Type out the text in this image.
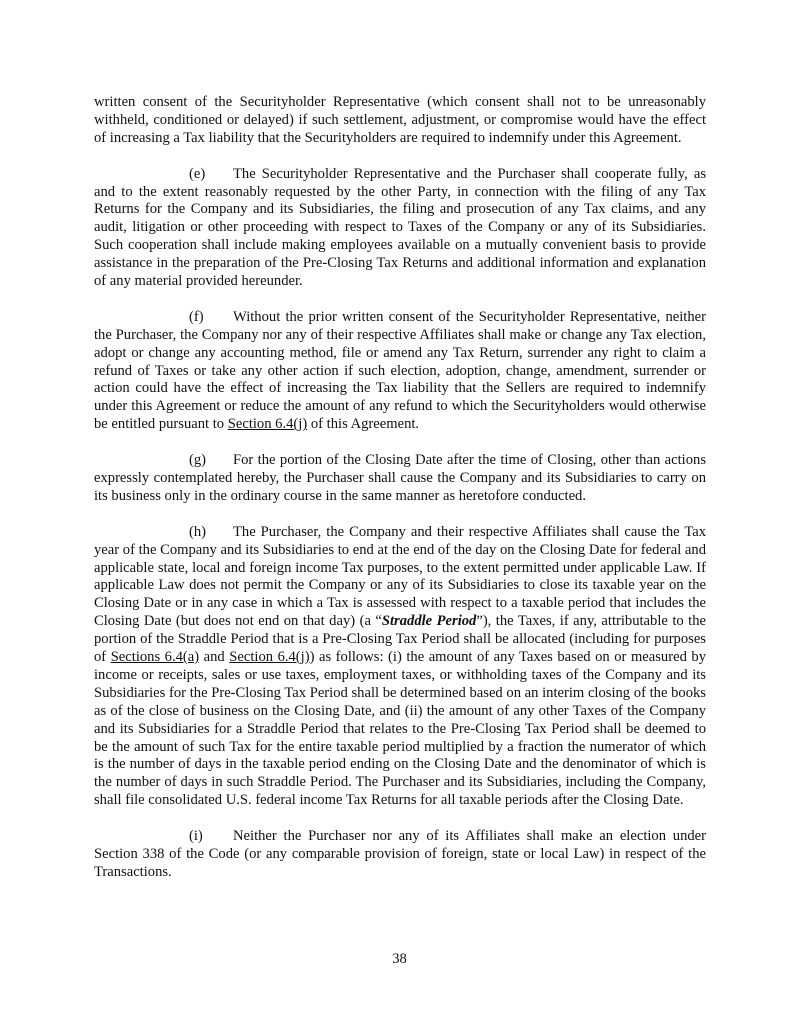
written consent of the Securityholder Representative (which consent shall not to be unreasonably withheld, conditioned or delayed) if such settlement, adjustment, or compromise would have the effect of increasing a Tax liability that the Securityholders are required to indemnify under this Agreement.

(e) The Securityholder Representative and the Purchaser shall cooperate fully, as and to the extent reasonably requested by the other Party, in connection with the filing of any Tax Returns for the Company and its Subsidiaries, the filing and prosecution of any Tax claims, and any audit, litigation or other proceeding with respect to Taxes of the Company or any of its Subsidiaries. Such cooperation shall include making employees available on a mutually convenient basis to provide assistance in the preparation of the Pre-Closing Tax Returns and additional information and explanation of any material provided hereunder.

(f) Without the prior written consent of the Securityholder Representative, neither the Purchaser, the Company nor any of their respective Affiliates shall make or change any Tax election, adopt or change any accounting method, file or amend any Tax Return, surrender any right to claim a refund of Taxes or take any other action if such election, adoption, change, amendment, surrender or action could have the effect of increasing the Tax liability that the Sellers are required to indemnify under this Agreement or reduce the amount of any refund to which the Securityholders would otherwise be entitled pursuant to Section 6.4(j) of this Agreement.

(g) For the portion of the Closing Date after the time of Closing, other than actions expressly contemplated hereby, the Purchaser shall cause the Company and its Subsidiaries to carry on its business only in the ordinary course in the same manner as heretofore conducted.

(h) The Purchaser, the Company and their respective Affiliates shall cause the Tax year of the Company and its Subsidiaries to end at the end of the day on the Closing Date for federal and applicable state, local and foreign income Tax purposes, to the extent permitted under applicable Law. If applicable Law does not permit the Company or any of its Subsidiaries to close its taxable year on the Closing Date or in any case in which a Tax is assessed with respect to a taxable period that includes the Closing Date (but does not end on that day) (a “Straddle Period”), the Taxes, if any, attributable to the portion of the Straddle Period that is a Pre-Closing Tax Period shall be allocated (including for purposes of Sections 6.4(a) and Section 6.4(j)) as follows: (i) the amount of any Taxes based on or measured by income or receipts, sales or use taxes, employment taxes, or withholding taxes of the Company and its Subsidiaries for the Pre-Closing Tax Period shall be determined based on an interim closing of the books as of the close of business on the Closing Date, and (ii) the amount of any other Taxes of the Company and its Subsidiaries for a Straddle Period that relates to the Pre-Closing Tax Period shall be deemed to be the amount of such Tax for the entire taxable period multiplied by a fraction the numerator of which is the number of days in the taxable period ending on the Closing Date and the denominator of which is the number of days in such Straddle Period. The Purchaser and its Subsidiaries, including the Company, shall file consolidated U.S. federal income Tax Returns for all taxable periods after the Closing Date.

(i) Neither the Purchaser nor any of its Affiliates shall make an election under Section 338 of the Code (or any comparable provision of foreign, state or local Law) in respect of the Transactions.

38
